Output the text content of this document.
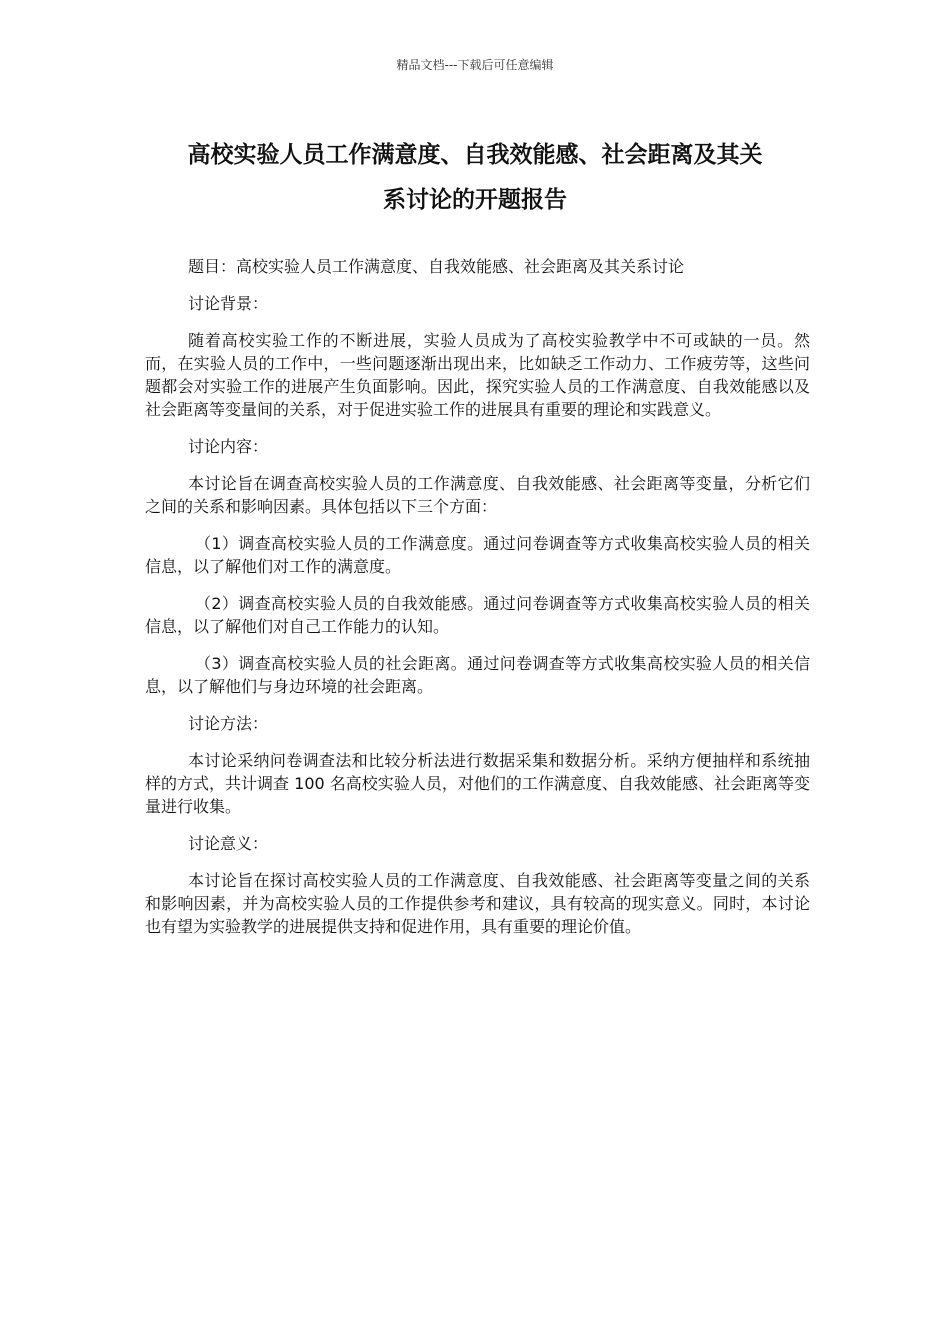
精品文档---下载后可任意编辑
高校实验人员工作满意度、自我效能感、社会距离及其关
系讨论的开题报告

题目：高校实验人员工作满意度、自我效能感、社会距离及其关系讨论

讨论背景：

随着高校实验工作的不断进展，实验人员成为了高校实验教学中不可或缺的一员。然而，在实验人员的工作中，一些问题逐渐出现出来，比如缺乏工作动力、工作疲劳等，这些问题都会对实验工作的进展产生负面影响。因此，探究实验人员的工作满意度、自我效能感以及社会距离等变量间的关系，对于促进实验工作的进展具有重要的理论和实践意义。

讨论内容：

本讨论旨在调查高校实验人员的工作满意度、自我效能感、社会距离等变量，分析它们之间的关系和影响因素。具体包括以下三个方面：

（1）调查高校实验人员的工作满意度。通过问卷调查等方式收集高校实验人员的相关信息，以了解他们对工作的满意度。

（2）调查高校实验人员的自我效能感。通过问卷调查等方式收集高校实验人员的相关信息，以了解他们对自己工作能力的认知。

（3）调查高校实验人员的社会距离。通过问卷调查等方式收集高校实验人员的相关信息，以了解他们与身边环境的社会距离。

讨论方法：

本讨论采纳问卷调查法和比较分析法进行数据采集和数据分析。采纳方便抽样和系统抽样的方式，共计调查 100 名高校实验人员，对他们的工作满意度、自我效能感、社会距离等变量进行收集。

讨论意义：

本讨论旨在探讨高校实验人员的工作满意度、自我效能感、社会距离等变量之间的关系和影响因素，并为高校实验人员的工作提供参考和建议，具有较高的现实意义。同时，本讨论也有望为实验教学的进展提供支持和促进作用，具有重要的理论价值。
